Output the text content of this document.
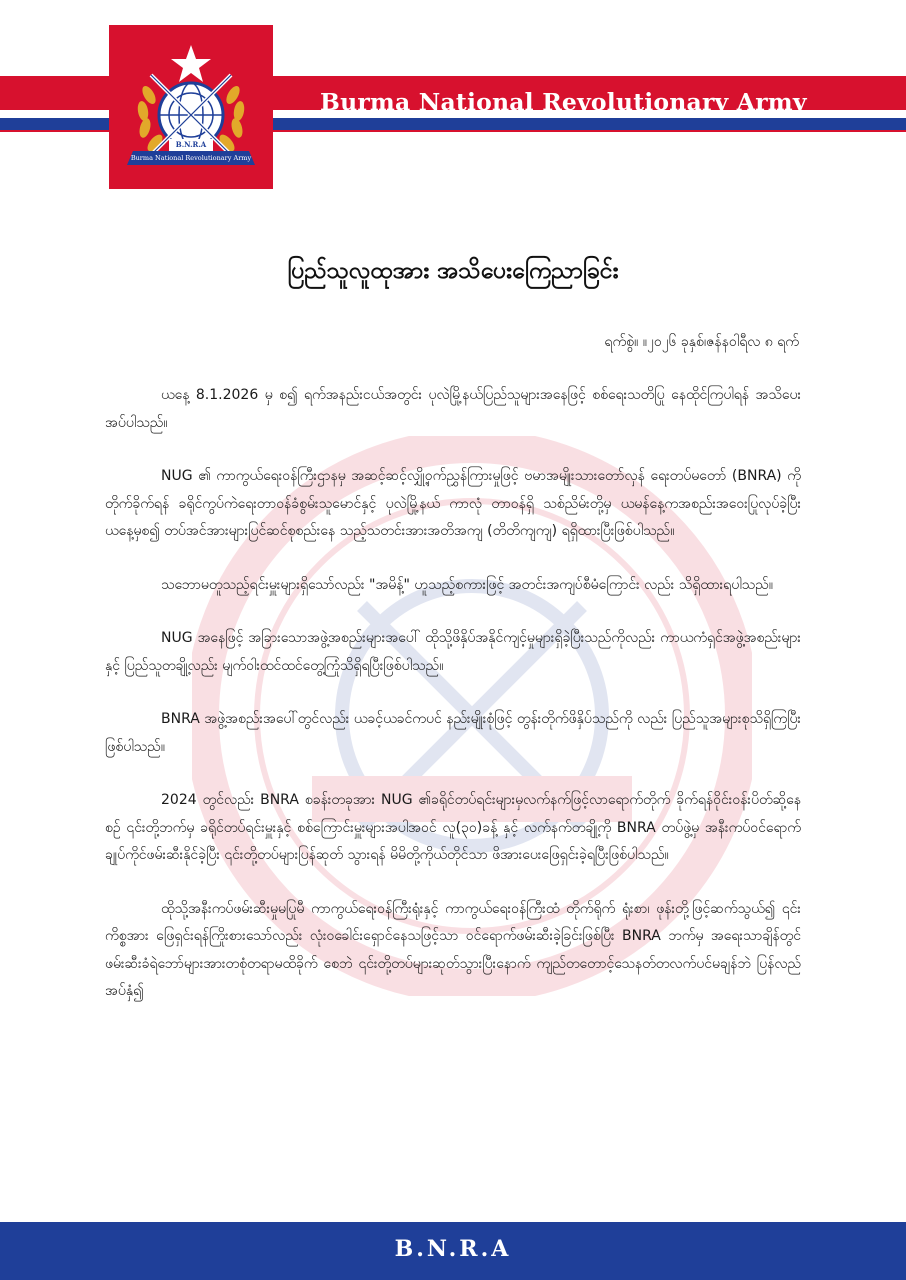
B.N.R.A
Burma National Revolutionary Army
Burma National Revolutionary Army
ပြည်သူလူထုအား အသိပေးကြေညာခြင်း
ရက်စွဲ။ ။၂၀၂၆ ခုနှစ်၊ဇန်နဝါရီလ ၈ ရက်

ယနေ့ 8.1.2026 မှ စ၍ ရက်အနည်းငယ်အတွင်း ပုလဲမြို့နယ်ပြည်သူများအနေဖြင့် စစ်ရေးသတိပြု နေထိုင်ကြပါရန် အသိပေးအပ်ပါသည်။

NUG ၏ ကာကွယ်ရေးဝန်ကြီးဌာနမှ အဆင့်ဆင့်လျှို့ဝှက်ညွှန်ကြားမှုဖြင့် ဗမာအမျိုးသားတော်လှန် ရေးတပ်မတော် (BNRA) ကိုတိုက်ခိုက်ရန် ခရိုင်ကွပ်ကဲရေးတာဝန်ခံစွမ်းသူမောင်နှင့် ပုလဲမြို့နယ် ကာလုံ တာဝန်ရှိ သစ်ညိမ်းတို့မှ ယမန်နေ့ကအစည်းအဝေးပြုလုပ်ခဲ့ပြီး ယနေ့မှစ၍ တပ်အင်အားများပြင်ဆင်စုစည်းနေ သည့်သတင်းအားအတိအကျ (တိတိကျကျ) ရရှိထားပြီးဖြစ်ပါသည်။

သဘောမတူသည့်ရင်းမှူးများရှိသော်လည်း "အမိန့်" ဟူသည့်စကားဖြင့် အတင်းအကျပ်စီမံကြောင်း လည်း သိရှိထားရပါသည်။

NUG အနေဖြင့် အခြားသောအဖွဲ့အစည်းများအပေါ် ထိုသို့ဖိနှိပ်အနိုင်ကျင့်မှုများရှိခဲ့ပြီးသည်ကိုလည်း ကာယကံရှင်အဖွဲ့အစည်းများနှင့် ပြည်သူတချို့လည်း မျက်ဝါးထင်ထင်တွေ့ကြုံသိရှိရပြီးဖြစ်ပါသည်။

BNRA အဖွဲ့အစည်းအပေါ်တွင်လည်း ယခင့်ယခင်ကပင် နည်းမျိုးစုံဖြင့် တွန်းတိုက်ဖိနှိပ်သည်ကို လည်း ပြည်သူအများစုသိရှိကြပြီးဖြစ်ပါသည်။

2024 တွင်လည်း BNRA စခန်းတခုအား NUG ၏ခရိုင်တပ်ရင်းများမှလက်နက်ဖြင့်လာရောက်တိုက် ခိုက်ရန်ဝိုင်းဝန်းပိတ်ဆို့နေစဉ် ၎င်းတို့ဘက်မှ ခရိုင်တပ်ရင်းမှူးနှင့် စစ်ကြောင်းမှူးများအပါအဝင် လူ(၃၀)ခန့် နှင့် လက်နက်တချို့ကို BNRA တပ်ဖွဲ့မှ အနီးကပ်ဝင်ရောက်ချုပ်ကိုင်ဖမ်းဆီးနိုင်ခဲ့ပြီး ၎င်းတို့တပ်များပြန်ဆုတ် သွားရန် မိမိတို့ကိုယ်တိုင်သာ ဖိအားပေးဖြေရှင်းခဲ့ရပြီးဖြစ်ပါသည်။

ထိုသို့အနီးကပ်ဖမ်းဆီးမှုမပြုမီ ကာကွယ်ရေးဝန်ကြီးရုံးနှင့် ကာကွယ်ရေးဝန်ကြီးထံ တိုက်ရိုက် ရုံးစာ၊ ဖုန်းတို့ဖြင့်ဆက်သွယ်၍ ၎င်းကိစ္စအား ဖြေရှင်းရန်ကြိုးစားသော်လည်း လုံးဝခေါင်းရှောင်နေသဖြင့်သာ ဝင်ရောက်ဖမ်းဆီးခဲ့ခြင်းဖြစ်ပြီး BNRA ဘက်မှ အရေးသာချိန်တွင် ဖမ်းဆီးခံရဲဘော်များအားတစုံတရာမထိခိုက် စေဘဲ ၎င်းတို့တပ်များဆုတ်သွားပြီးနောက် ကျည်တတောင့်သေနတ်တလက်ပင်မချန်ဘဲ ပြန်လည် အပ်နှံ၍

B.N.R.A
